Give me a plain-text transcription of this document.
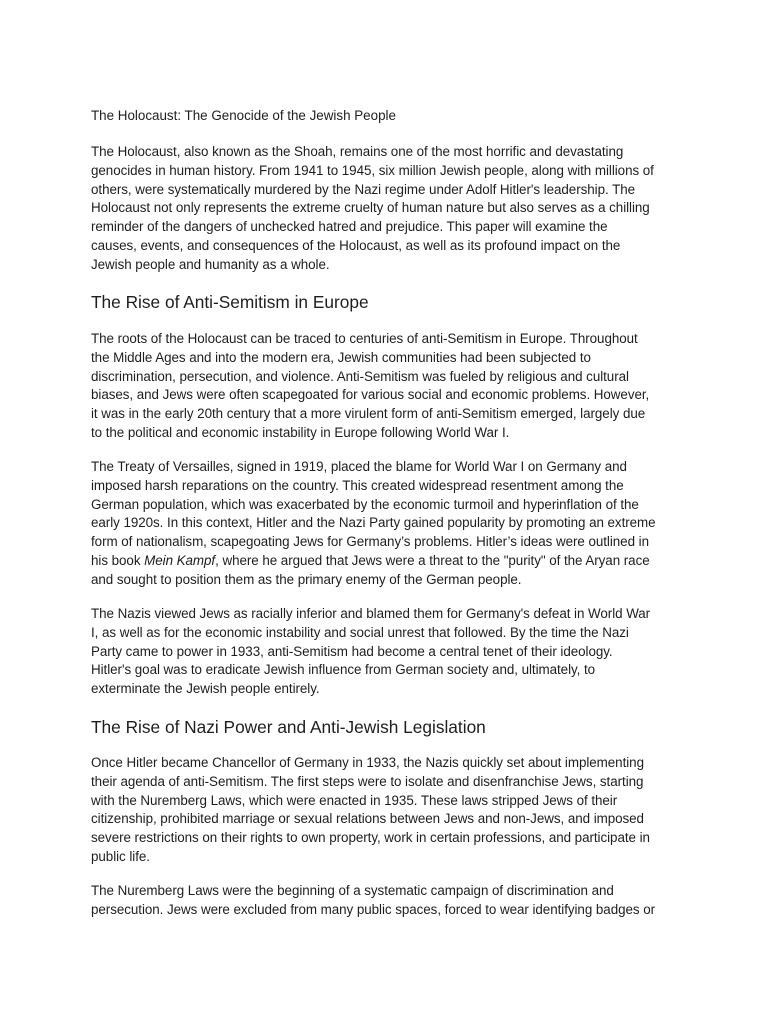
The Holocaust: The Genocide of the Jewish People
The Holocaust, also known as the Shoah, remains one of the most horrific and devastating
genocides in human history. From 1941 to 1945, six million Jewish people, along with millions of
others, were systematically murdered by the Nazi regime under Adolf Hitler's leadership. The
Holocaust not only represents the extreme cruelty of human nature but also serves as a chilling
reminder of the dangers of unchecked hatred and prejudice. This paper will examine the
causes, events, and consequences of the Holocaust, as well as its profound impact on the
Jewish people and humanity as a whole.
The Rise of Anti-Semitism in Europe
The roots of the Holocaust can be traced to centuries of anti-Semitism in Europe. Throughout
the Middle Ages and into the modern era, Jewish communities had been subjected to
discrimination, persecution, and violence. Anti-Semitism was fueled by religious and cultural
biases, and Jews were often scapegoated for various social and economic problems. However,
it was in the early 20th century that a more virulent form of anti-Semitism emerged, largely due
to the political and economic instability in Europe following World War I.
The Treaty of Versailles, signed in 1919, placed the blame for World War I on Germany and
imposed harsh reparations on the country. This created widespread resentment among the
German population, which was exacerbated by the economic turmoil and hyperinflation of the
early 1920s. In this context, Hitler and the Nazi Party gained popularity by promoting an extreme
form of nationalism, scapegoating Jews for Germany’s problems. Hitler’s ideas were outlined in
his book Mein Kampf, where he argued that Jews were a threat to the "purity" of the Aryan race
and sought to position them as the primary enemy of the German people.
The Nazis viewed Jews as racially inferior and blamed them for Germany's defeat in World War
I, as well as for the economic instability and social unrest that followed. By the time the Nazi
Party came to power in 1933, anti-Semitism had become a central tenet of their ideology.
Hitler's goal was to eradicate Jewish influence from German society and, ultimately, to
exterminate the Jewish people entirely.
The Rise of Nazi Power and Anti-Jewish Legislation
Once Hitler became Chancellor of Germany in 1933, the Nazis quickly set about implementing
their agenda of anti-Semitism. The first steps were to isolate and disenfranchise Jews, starting
with the Nuremberg Laws, which were enacted in 1935. These laws stripped Jews of their
citizenship, prohibited marriage or sexual relations between Jews and non-Jews, and imposed
severe restrictions on their rights to own property, work in certain professions, and participate in
public life.
The Nuremberg Laws were the beginning of a systematic campaign of discrimination and
persecution. Jews were excluded from many public spaces, forced to wear identifying badges or
